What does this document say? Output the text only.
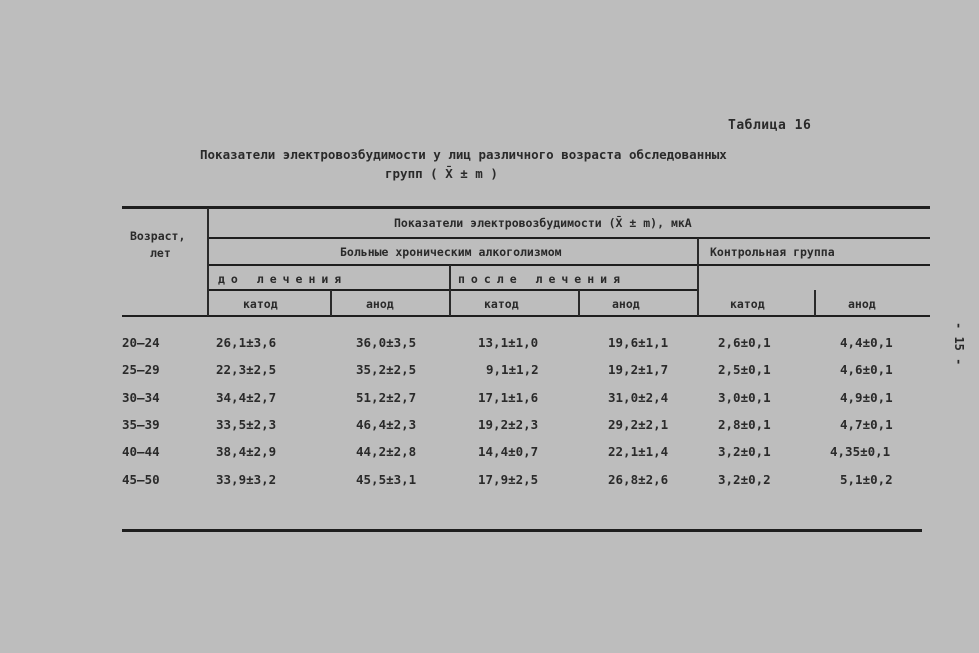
Таблица 16
Показатели электровозбудимости у лиц различного возраста обследованных
групп ( X̄ ± m )
Возраст,
лет
Показатели электровозбудимости (X̄ ± m), мкА
Больные хроническим алкоголизмом	Контрольная группа
до лечения	после лечения
катод	анод	катод	анод	катод	анод
20–24	26,1±3,6	36,0±3,5	13,1±1,0	19,6±1,1	2,6±0,1	4,4±0,1
25–29	22,3±2,5	35,2±2,5	9,1±1,2	19,2±1,7	2,5±0,1	4,6±0,1
30–34	34,4±2,7	51,2±2,7	17,1±1,6	31,0±2,4	3,0±0,1	4,9±0,1
35–39	33,5±2,3	46,4±2,3	19,2±2,3	29,2±2,1	2,8±0,1	4,7±0,1
40–44	38,4±2,9	44,2±2,8	14,4±0,7	22,1±1,4	3,2±0,1	4,35±0,1
45–50	33,9±3,2	45,5±3,1	17,9±2,5	26,8±2,6	3,2±0,2	5,1±0,2
- 15 -
